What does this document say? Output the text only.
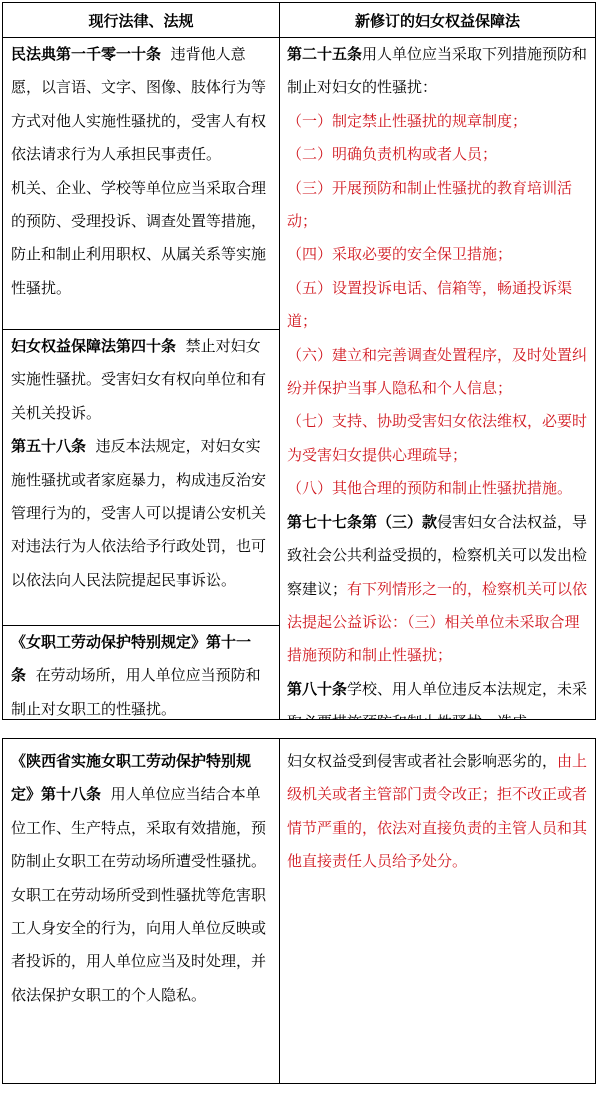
现行法律、法规	新修订的妇女权益保障法

民法典第一千零一十条 违背他人意愿，以言语、文字、图像、肢体行为等方式对他人实施性骚扰的，受害人有权依法请求行为人承担民事责任。

机关、企业、学校等单位应当采取合理的预防、受理投诉、调查处置等措施，防止和制止利用职权、从属关系等实施性骚扰。

妇女权益保障法第四十条 禁止对妇女实施性骚扰。受害妇女有权向单位和有关机关投诉。

第五十八条 违反本法规定，对妇女实施性骚扰或者家庭暴力，构成违反治安管理行为的，受害人可以提请公安机关对违法行为人依法给予行政处罚，也可以依法向人民法院提起民事诉讼。

《女职工劳动保护特别规定》第十一条 在劳动场所，用人单位应当预防和制止对女职工的性骚扰。

第二十五条用人单位应当采取下列措施预防和制止对妇女的性骚扰：

（一）制定禁止性骚扰的规章制度；

（二）明确负责机构或者人员；

（三）开展预防和制止性骚扰的教育培训活动；

（四）采取必要的安全保卫措施；

（五）设置投诉电话、信箱等，畅通投诉渠道；

（六）建立和完善调查处置程序，及时处置纠纷并保护当事人隐私和个人信息；

（七）支持、协助受害妇女依法维权，必要时为受害妇女提供心理疏导；

（八）其他合理的预防和制止性骚扰措施。

第七十七条第（三）款侵害妇女合法权益，导致社会公共利益受损的，检察机关可以发出检察建议；有下列情形之一的，检察机关可以依法提起公益诉讼：（三）相关单位未采取合理措施预防和制止性骚扰；

第八十条学校、用人单位违反本法规定，未采

《陕西省实施女职工劳动保护特别规定》第十八条 用人单位应当结合本单位工作、生产特点，采取有效措施，预防制止女职工在劳动场所遭受性骚扰。

女职工在劳动场所受到性骚扰等危害职工人身安全的行为，向用人单位反映或者投诉的，用人单位应当及时处理，并依法保护女职工的个人隐私。

妇女权益受到侵害或者社会影响恶劣的，由上级机关或者主管部门责令改正；拒不改正或者情节严重的，依法对直接负责的主管人员和其他直接责任人员给予处分。
